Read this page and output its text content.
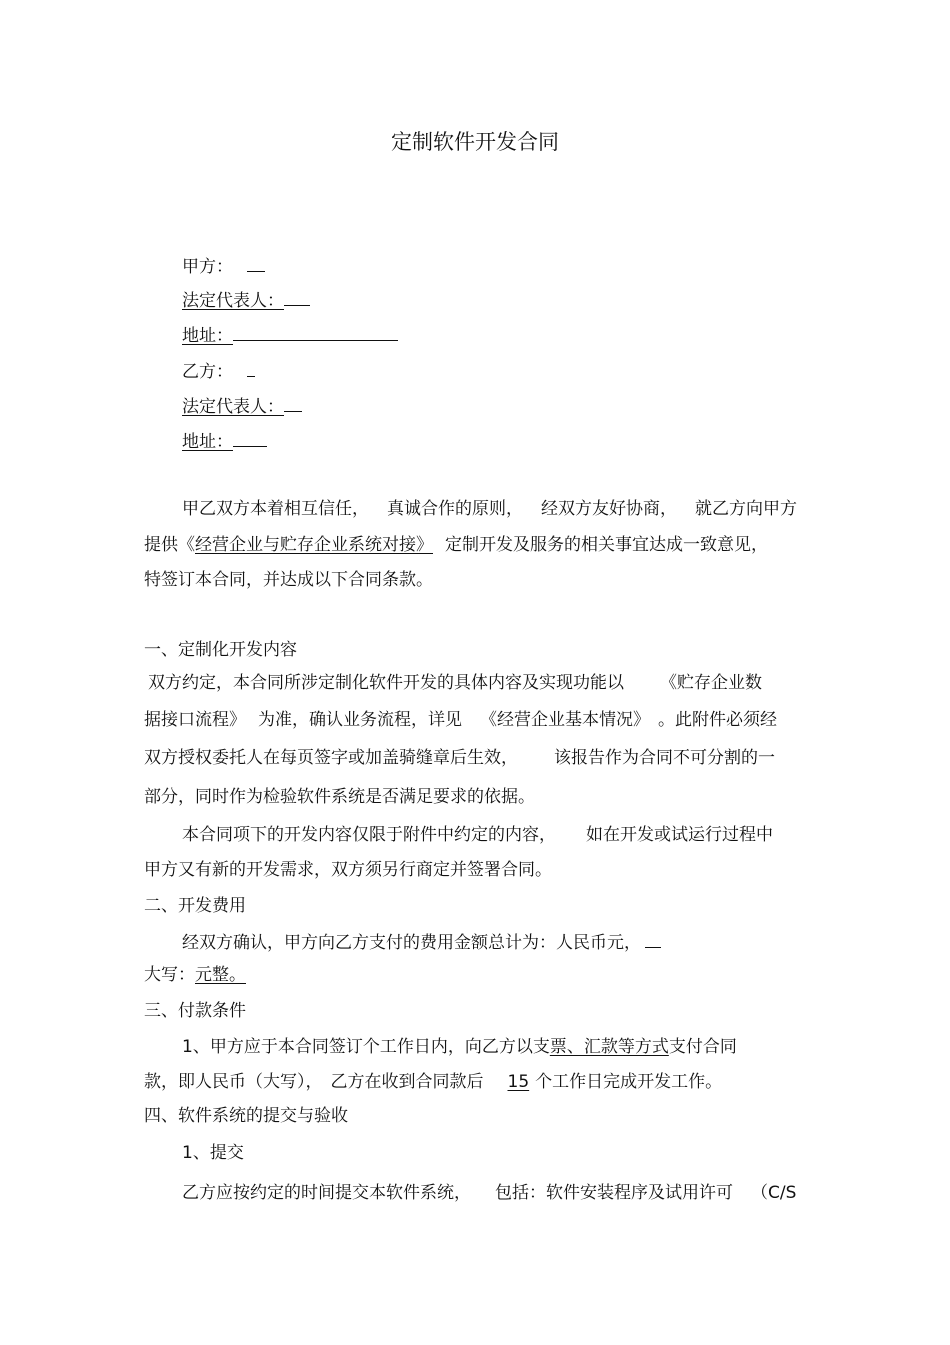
定制软件开发合同
甲方：
法定代表人：
地址：
乙方：
法定代表人：
地址：
甲乙双方本着相互信任， 真诚合作的原则， 经双方友好协商， 就乙方向甲方
提供《经营企业与贮存企业系统对接》 定制开发及服务的相关事宜达成一致意见，
特签订本合同，并达成以下合同条款。
一、定制化开发内容
双方约定，本合同所涉定制化软件开发的具体内容及实现功能以 《贮存企业数
据接口流程》 为准，确认业务流程，详见 《经营企业基本情况》 。此附件必须经
双方授权委托人在每页签字或加盖骑缝章后生效， 该报告作为合同不可分割的一
部分，同时作为检验软件系统是否满足要求的依据。
本合同项下的开发内容仅限于附件中约定的内容， 如在开发或试运行过程中
甲方又有新的开发需求，双方须另行商定并签署合同。
二、开发费用
经双方确认，甲方向乙方支付的费用金额总计为：人民币元，
大写：元整。
三、付款条件
1、甲方应于本合同签订个工作日内，向乙方以支票、汇款等方式支付合同
款，即人民币（大写）， 乙方在收到合同款后 15 个工作日完成开发工作。
四、软件系统的提交与验收
1、提交
乙方应按约定的时间提交本软件系统， 包括：软件安装程序及试用许可 （C/S
